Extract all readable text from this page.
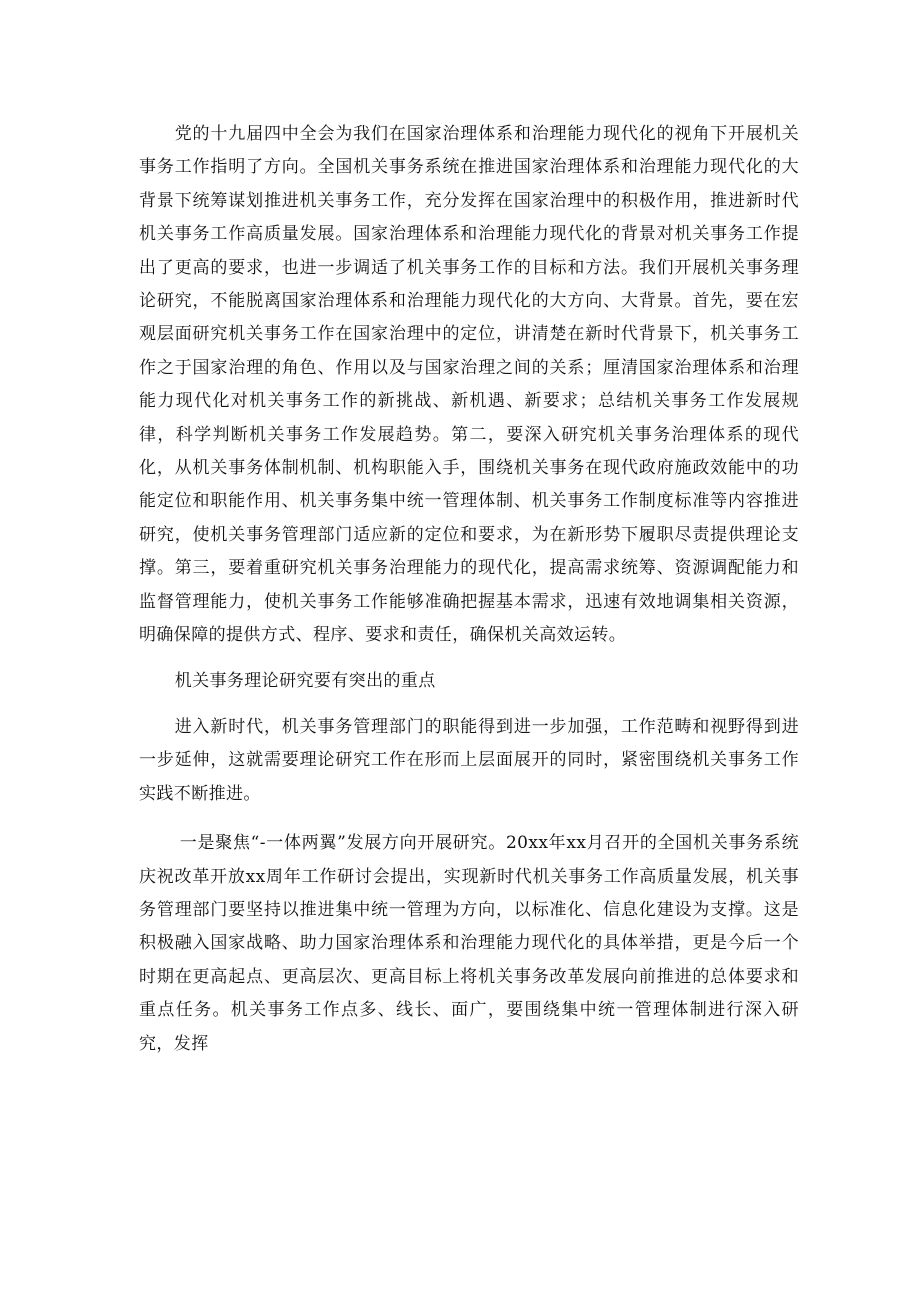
党的十九届四中全会为我们在国家治理体系和治理能力现代化的视角下开展机关事务工作指明了方向。全国机关事务系统在推进国家治理体系和治理能力现代化的大背景下统筹谋划推进机关事务工作，充分发挥在国家治理中的积极作用，推进新时代机关事务工作高质量发展。国家治理体系和治理能力现代化的背景对机关事务工作提出了更高的要求，也进一步调适了机关事务工作的目标和方法。我们开展机关事务理论研究，不能脱离国家治理体系和治理能力现代化的大方向、大背景。首先，要在宏观层面研究机关事务工作在国家治理中的定位，讲清楚在新时代背景下，机关事务工作之于国家治理的角色、作用以及与国家治理之间的关系；厘清国家治理体系和治理能力现代化对机关事务工作的新挑战、新机遇、新要求；总结机关事务工作发展规律，科学判断机关事务工作发展趋势。第二，要深入研究机关事务治理体系的现代化，从机关事务体制机制、机构职能入手，围绕机关事务在现代政府施政效能中的功能定位和职能作用、机关事务集中统一管理体制、机关事务工作制度标准等内容推进研究，使机关事务管理部门适应新的定位和要求，为在新形势下履职尽责提供理论支撑。第三，要着重研究机关事务治理能力的现代化，提高需求统筹、资源调配能力和监督管理能力，使机关事务工作能够准确把握基本需求，迅速有效地调集相关资源，明确保障的提供方式、程序、要求和责任，确保机关高效运转。

机关事务理论研究要有突出的重点

进入新时代，机关事务管理部门的职能得到进一步加强，工作范畴和视野得到进一步延伸，这就需要理论研究工作在形而上层面展开的同时，紧密围绕机关事务工作实践不断推进。

一是聚焦“-一体两翼”发展方向开展研究。20xx年xx月召开的全国机关事务系统庆祝改革开放xx周年工作研讨会提出，实现新时代机关事务工作高质量发展，机关事务管理部门要坚持以推进集中统一管理为方向，以标准化、信息化建设为支撑。这是积极融入国家战略、助力国家治理体系和治理能力现代化的具体举措，更是今后一个时期在更高起点、更高层次、更高目标上将机关事务改革发展向前推进的总体要求和重点任务。机关事务工作点多、线长、面广，要围绕集中统一管理体制进行深入研究，发挥
